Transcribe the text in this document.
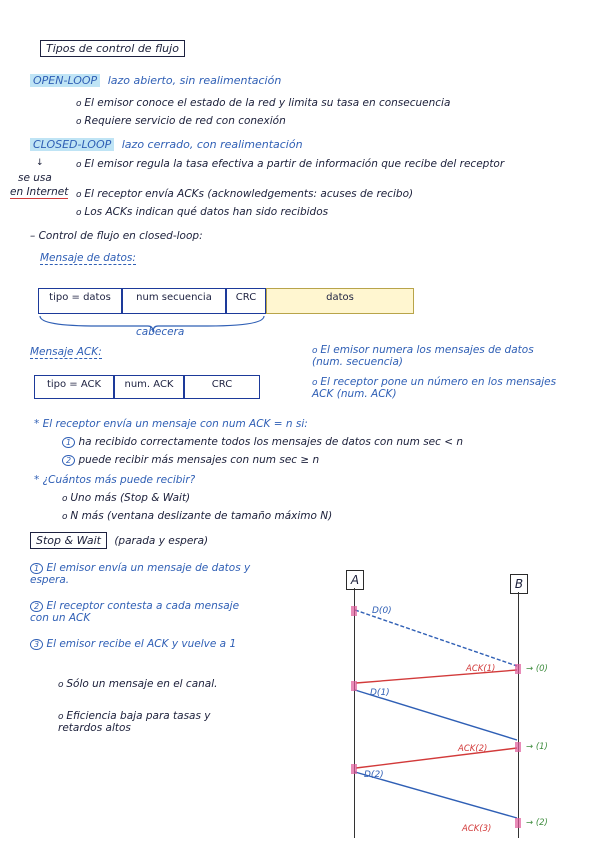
Tipos de control de flujo
OPEN-LOOP lazo abierto, sin realimentación
o El emisor conoce el estado de la red y limita su tasa en consecuencia
o Requiere servicio de red con conexión
CLOSED-LOOP lazo cerrado, con realimentación
↓
se usa
en Internet
o El emisor regula la tasa efectiva a partir de información que recibe del receptor
o El receptor envía ACKs (acknowledgements: acuses de recibo)
o Los ACKs indican qué datos han sido recibidos
– Control de flujo en closed-loop:
Mensaje de datos:
tipo = datos	num secuencia	CRC	datos
cabecera
Mensaje ACK:
tipo = ACK	num. ACK	CRC
o El emisor numera los mensajes de datos (num. secuencia)
o El receptor pone un número en los mensajes ACK (num. ACK)
* El receptor envía un mensaje con num ACK = n si:
1 ha recibido correctamente todos los mensajes de datos con num sec < n
2 puede recibir más mensajes con num sec ≥ n
* ¿Cuántos más puede recibir?
o Uno más (Stop & Wait)
o N más (ventana deslizante de tamaño máximo N)
Stop & Wait (parada y espera)
1 El emisor envía un mensaje de datos y espera.
2 El receptor contesta a cada mensaje con un ACK
3 El emisor recibe el ACK y vuelve a 1
o Sólo un mensaje en el canal.
o Eficiencia baja para tasas y retardos altos
A	B
D(0)
D(1)
D(2)
ACK(1)
ACK(2)
ACK(3)
→ (0)
→ (1)
→ (2)
